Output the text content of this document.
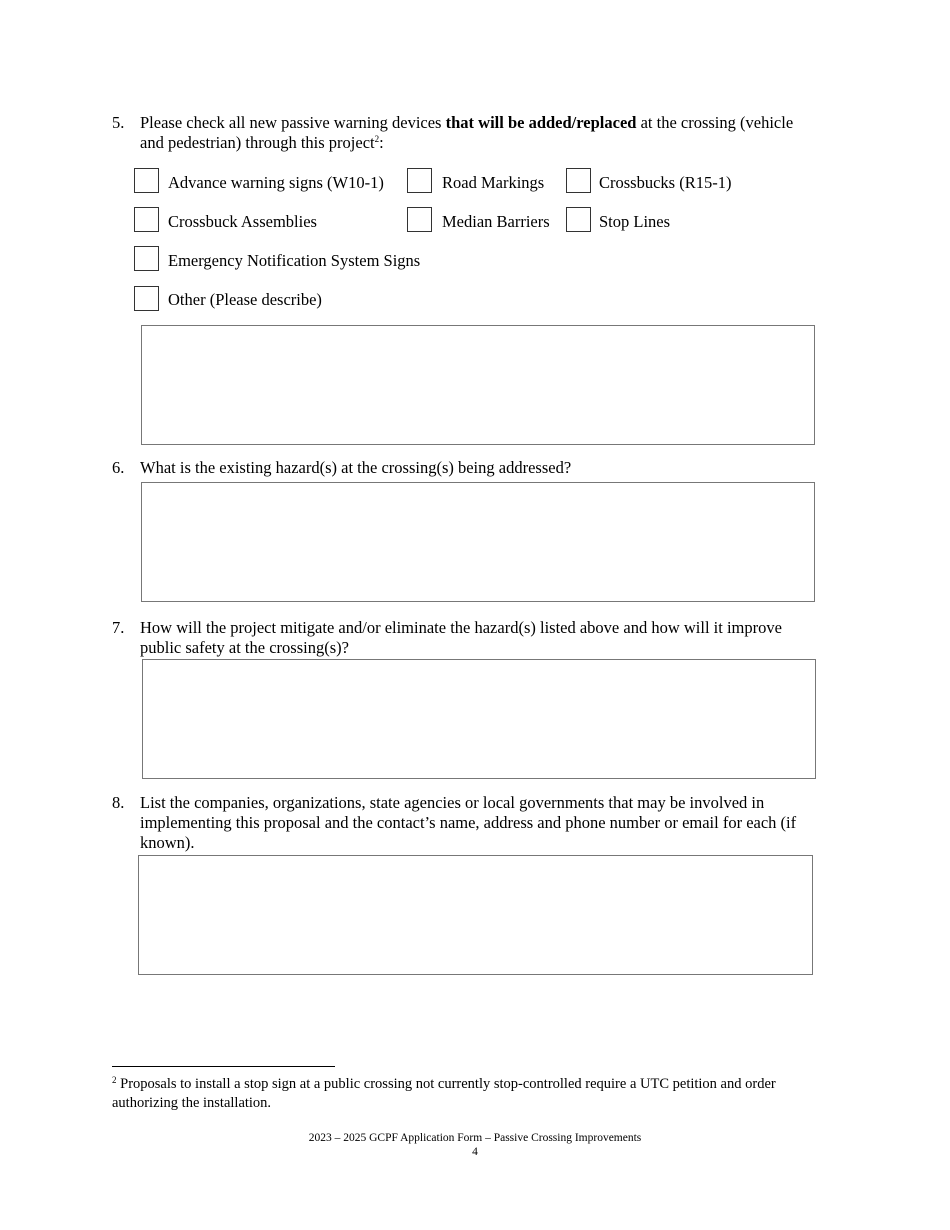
5. Please check all new passive warning devices that will be added/replaced at the crossing (vehicle and pedestrian) through this project$^2$:
Advance warning signs (W10-1)	Road Markings	Crossbucks (R15-1)
Crossbuck Assemblies	Median Barriers	Stop Lines
Emergency Notification System Signs
Other (Please describe)
6. What is the existing hazard(s) at the crossing(s) being addressed?
7. How will the project mitigate and/or eliminate the hazard(s) listed above and how will it improve public safety at the crossing(s)?
8. List the companies, organizations, state agencies or local governments that may be involved in implementing this proposal and the contact’s name, address and phone number or email for each (if known).
$^2$ Proposals to install a stop sign at a public crossing not currently stop-controlled require a UTC petition and order authorizing the installation.
2023 – 2025 GCPF Application Form – Passive Crossing Improvements
4
